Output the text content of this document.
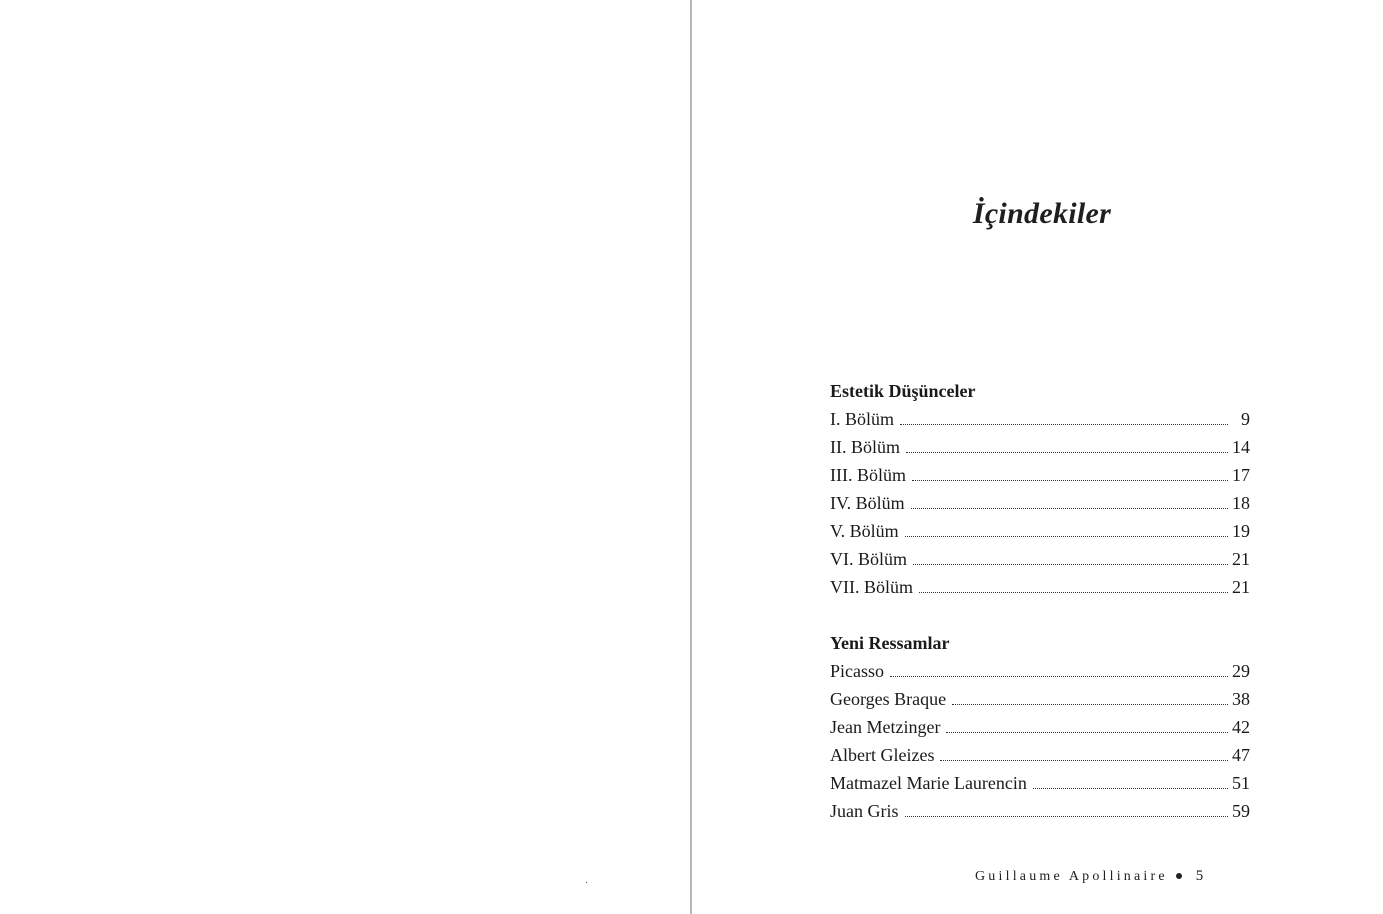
İçindekiler
Estetik Düşünceler
I. Bölüm	9
II. Bölüm	14
III. Bölüm	17
IV. Bölüm	18
V. Bölüm	19
VI. Bölüm	21
VII. Bölüm	21
Yeni Ressamlar
Picasso	29
Georges Braque	38
Jean Metzinger	42
Albert Gleizes	47
Matmazel Marie Laurencin	51
Juan Gris	59
Guillaume Apollinaire 5
